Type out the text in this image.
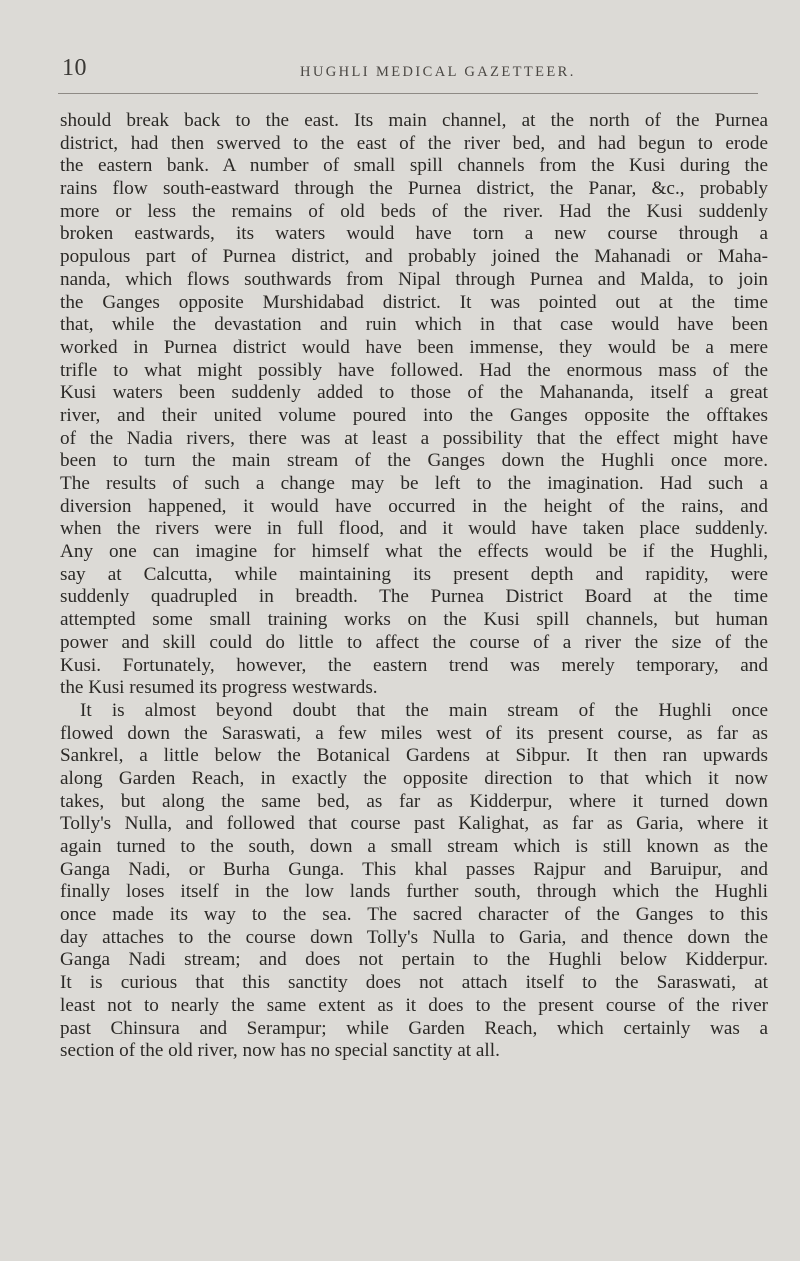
10	HUGHLI MEDICAL GAZETTEER.
should break back to the east. Its main channel, at the north of the Purnea
district, had then swerved to the east of the river bed, and had begun to erode
the eastern bank. A number of small spill channels from the Kusi during the
rains flow south-eastward through the Purnea district, the Panar, &c., probably
more or less the remains of old beds of the river. Had the Kusi suddenly
broken eastwards, its waters would have torn a new course through a
populous part of Purnea district, and probably joined the Mahanadi or Maha-
nanda, which flows southwards from Nipal through Purnea and Malda, to join
the Ganges opposite Murshidabad district. It was pointed out at the time
that, while the devastation and ruin which in that case would have been
worked in Purnea district would have been immense, they would be a mere
trifle to what might possibly have followed. Had the enormous mass of the
Kusi waters been suddenly added to those of the Mahananda, itself a great
river, and their united volume poured into the Ganges opposite the offtakes
of the Nadia rivers, there was at least a possibility that the effect might have
been to turn the main stream of the Ganges down the Hughli once more.
The results of such a change may be left to the imagination. Had such a
diversion happened, it would have occurred in the height of the rains, and
when the rivers were in full flood, and it would have taken place suddenly.
Any one can imagine for himself what the effects would be if the Hughli,
say at Calcutta, while maintaining its present depth and rapidity, were
suddenly quadrupled in breadth. The Purnea District Board at the time
attempted some small training works on the Kusi spill channels, but human
power and skill could do little to affect the course of a river the size of the
Kusi. Fortunately, however, the eastern trend was merely temporary, and
the Kusi resumed its progress westwards.
It is almost beyond doubt that the main stream of the Hughli once
flowed down the Saraswati, a few miles west of its present course, as far as
Sankrel, a little below the Botanical Gardens at Sibpur. It then ran upwards
along Garden Reach, in exactly the opposite direction to that which it now
takes, but along the same bed, as far as Kidderpur, where it turned down
Tolly's Nulla, and followed that course past Kalighat, as far as Garia, where it
again turned to the south, down a small stream which is still known as the
Ganga Nadi, or Burha Gunga. This khal passes Rajpur and Baruipur, and
finally loses itself in the low lands further south, through which the Hughli
once made its way to the sea. The sacred character of the Ganges to this
day attaches to the course down Tolly's Nulla to Garia, and thence down the
Ganga Nadi stream; and does not pertain to the Hughli below Kidderpur.
It is curious that this sanctity does not attach itself to the Saraswati, at
least not to nearly the same extent as it does to the present course of the river
past Chinsura and Serampur; while Garden Reach, which certainly was a
section of the old river, now has no special sanctity at all.
